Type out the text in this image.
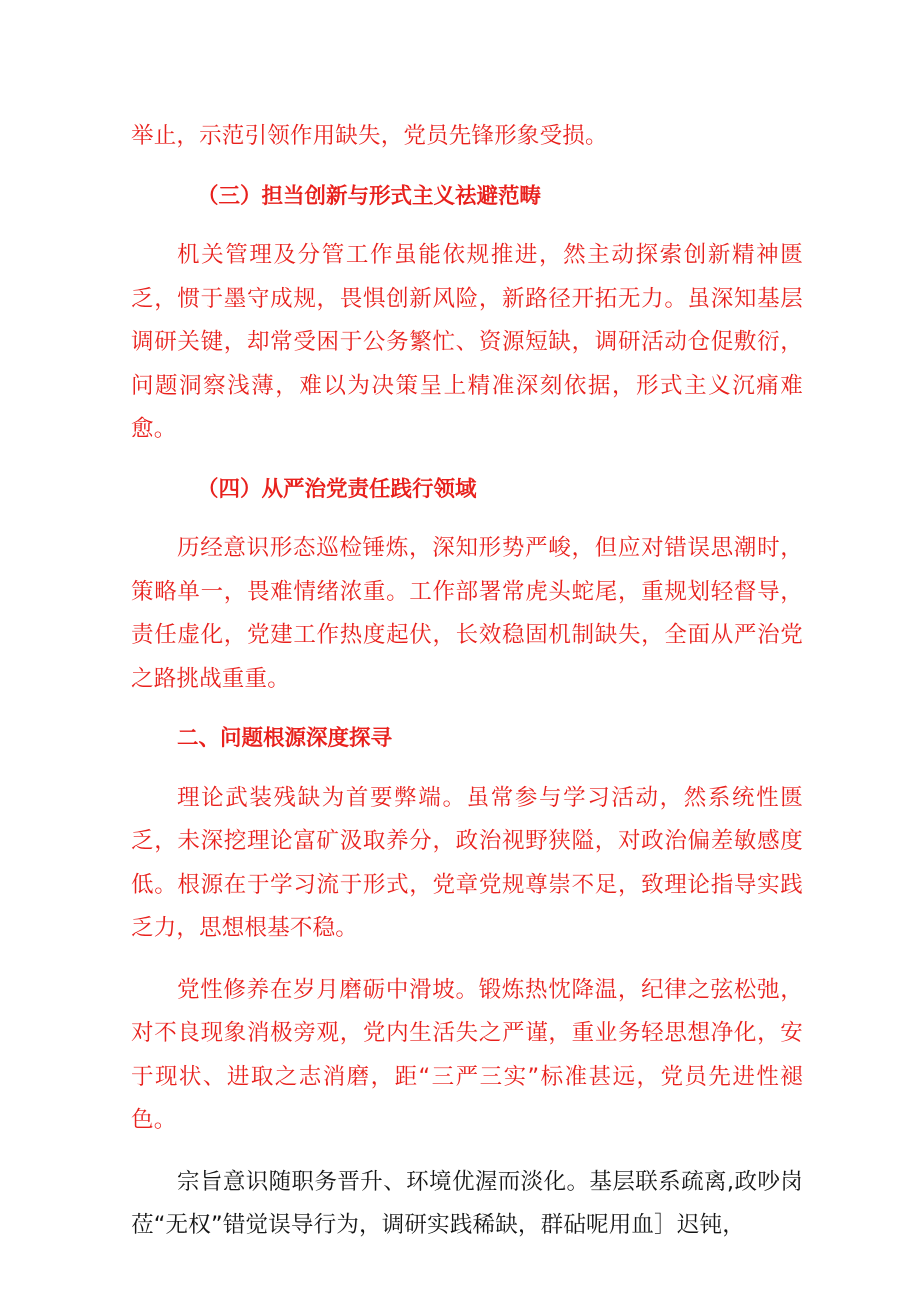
举止，示范引领作用缺失，党员先锋形象受损。

（三）担当创新与形式主义祛避范畴

机关管理及分管工作虽能依规推进，然主动探索创新精神匮乏，惯于墨守成规，畏惧创新风险，新路径开拓无力。虽深知基层调研关键，却常受困于公务繁忙、资源短缺，调研活动仓促敷衍，问题洞察浅薄，难以为决策呈上精准深刻依据，形式主义沉痛难愈。

（四）从严治党责任践行领域

历经意识形态巡检锤炼，深知形势严峻，但应对错误思潮时，策略单一，畏难情绪浓重。工作部署常虎头蛇尾，重规划轻督导，责任虚化，党建工作热度起伏，长效稳固机制缺失，全面从严治党之路挑战重重。

二、问题根源深度探寻

理论武装残缺为首要弊端。虽常参与学习活动，然系统性匮乏，未深挖理论富矿汲取养分，政治视野狭隘，对政治偏差敏感度低。根源在于学习流于形式，党章党规尊崇不足，致理论指导实践乏力，思想根基不稳。

党性修养在岁月磨砺中滑坡。锻炼热忱降温，纪律之弦松弛，对不良现象消极旁观，党内生活失之严谨，重业务轻思想净化，安于现状、进取之志消磨，距“三严三实”标准甚远，党员先进性褪色。

宗旨意识随职务晋升、环境优渥而淡化。基层联系疏离,政吵岗莅“无权”错觉误导行为，调研实践稀缺，群砧呢用血］迟钝，
